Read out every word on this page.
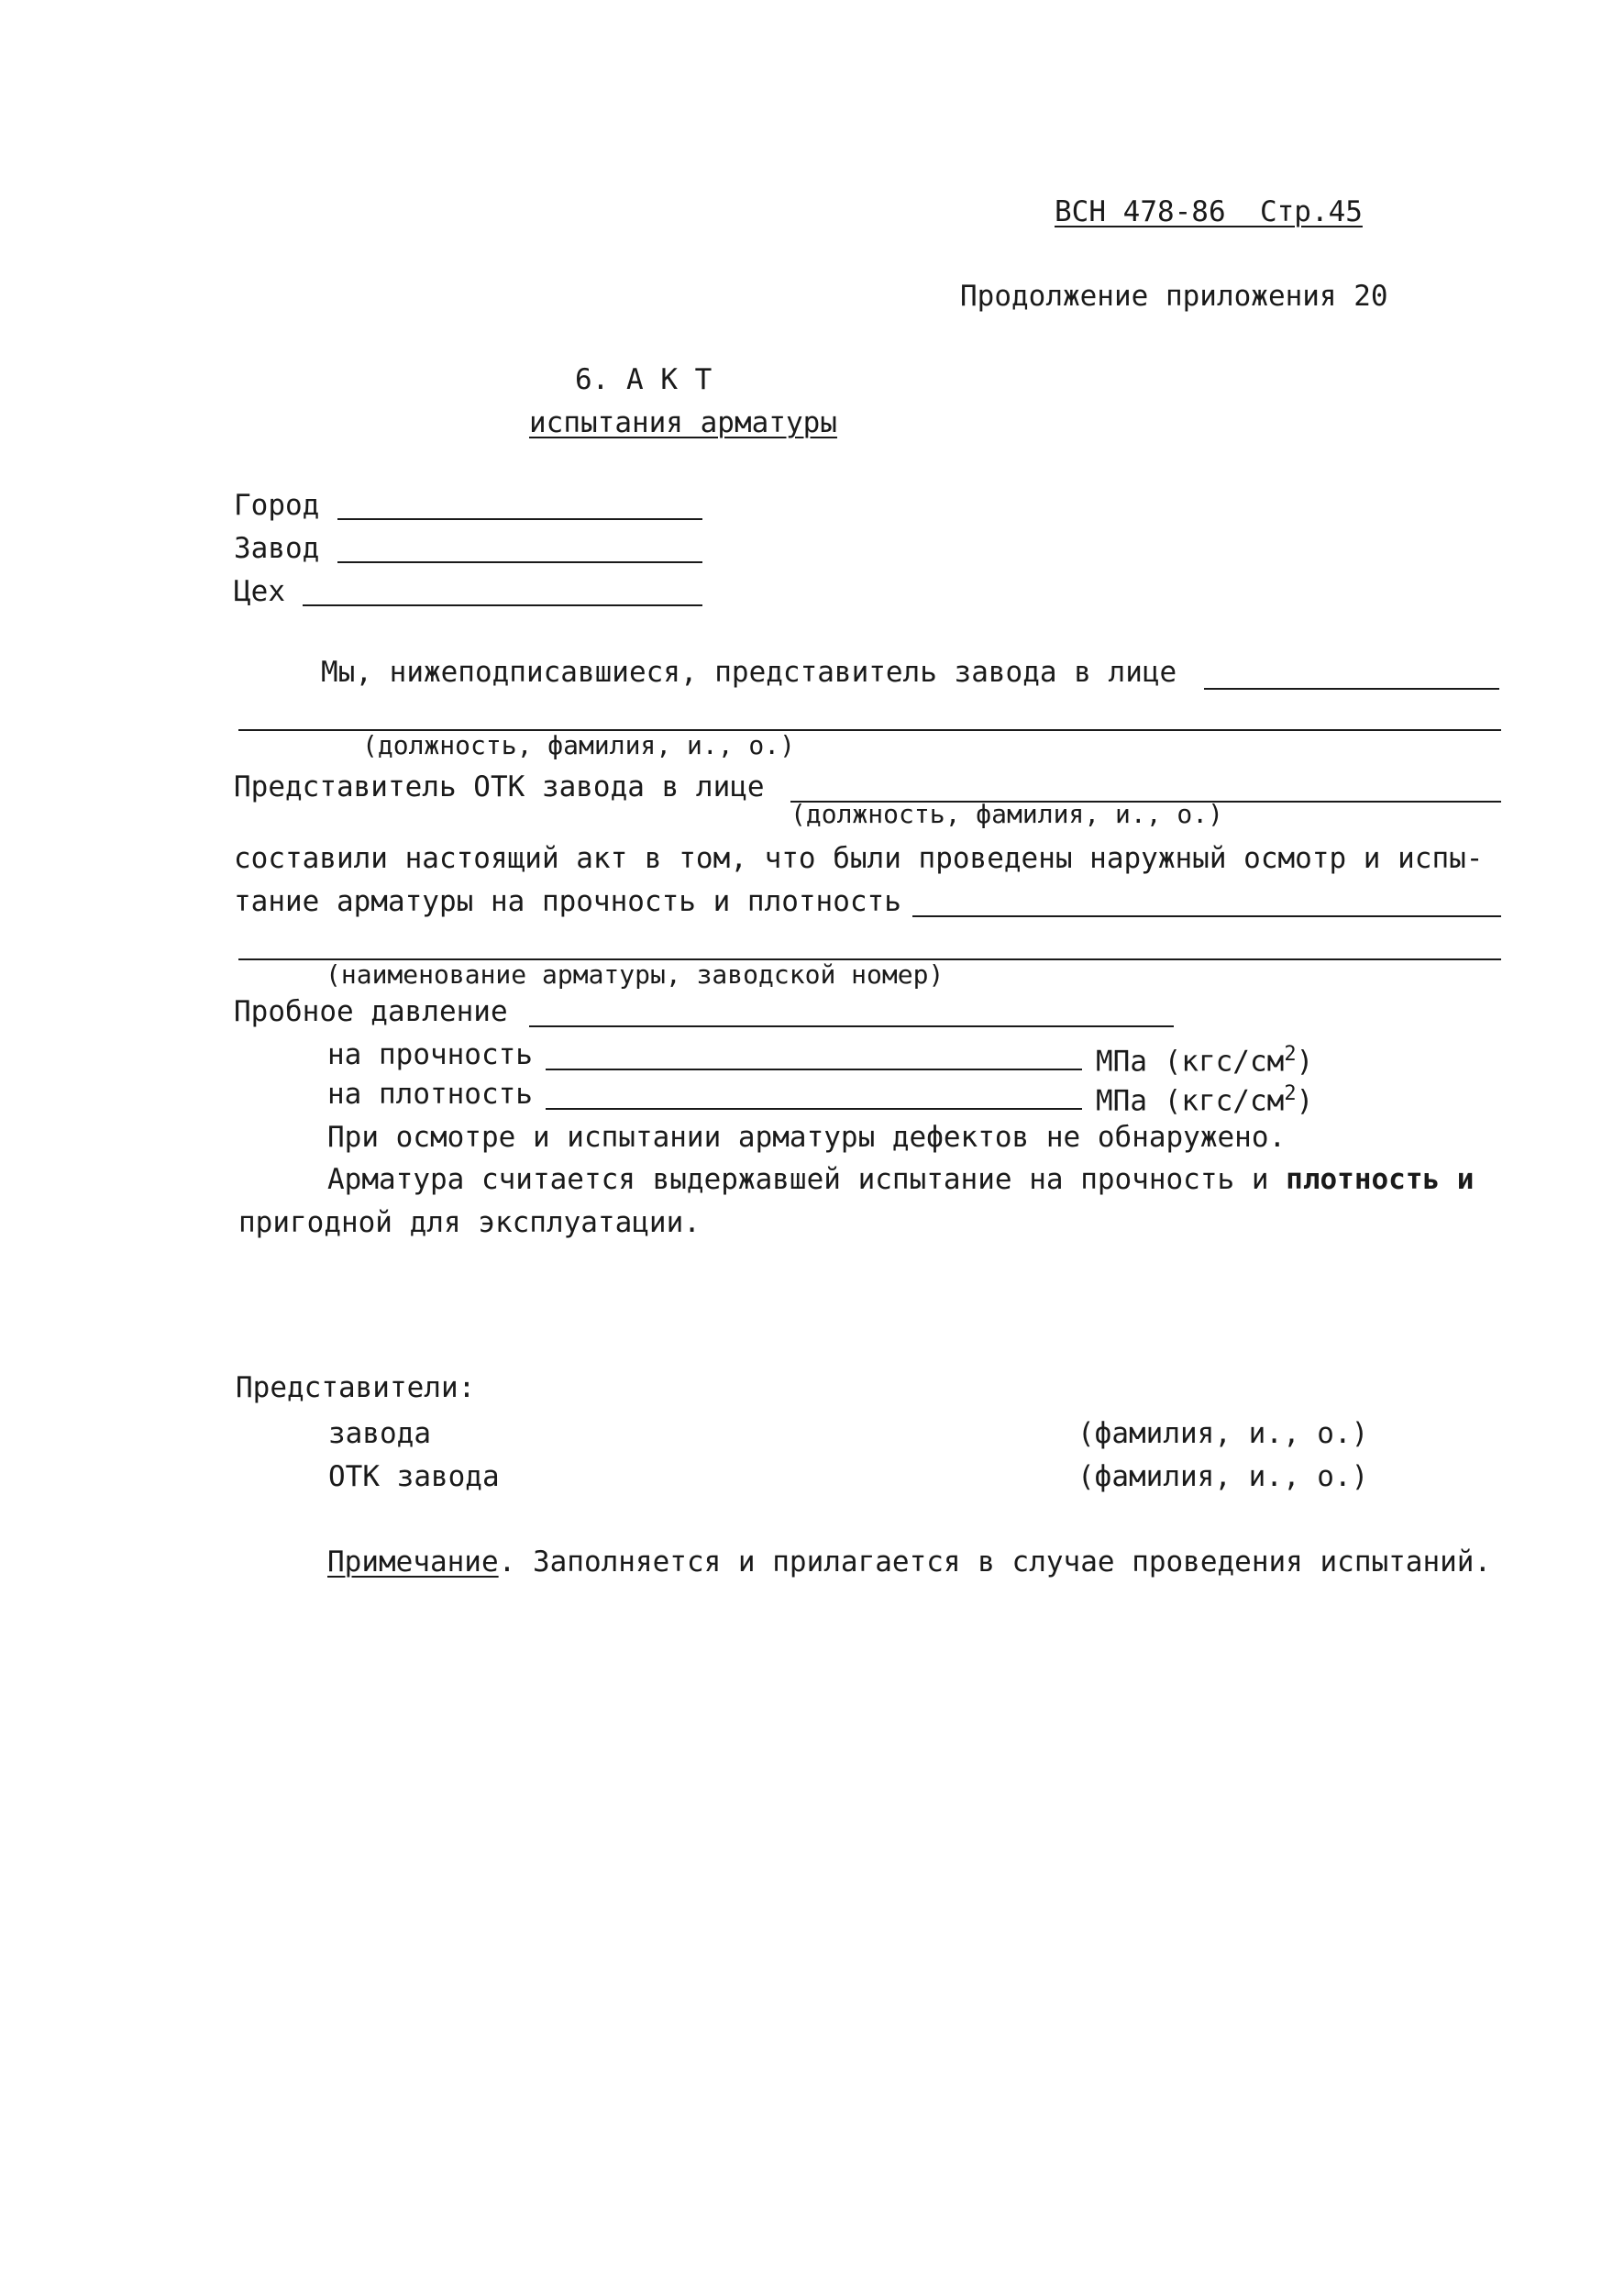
ВСН 478-86  Стр.45
Продолжение приложения 20
6. А К Т
испытания арматуры
Город
Завод
Цех
Мы, нижеподписавшиеся, представитель завода в лице
(должность, фамилия, и., о.)
Представитель ОТК завода в лице
(должность, фамилия, и., о.)
составили настоящий акт в том, что были проведены наружный осмотр и испы-
тание арматуры на прочность и плотность
(наименование арматуры, заводской номер)
Пробное давление
на прочность	МПа $(кгс/см^2)$
на плотность	МПа $(кгс/см^2)$
При осмотре и испытании арматуры дефектов не обнаружено.
Арматура считается выдержавшей испытание на прочность и плотность и
пригодной для эксплуатации.
Представители:
завода	(фамилия, и., о.)
ОТК завода	(фамилия, и., о.)
Примечание. Заполняется и прилагается в случае проведения испытаний.
